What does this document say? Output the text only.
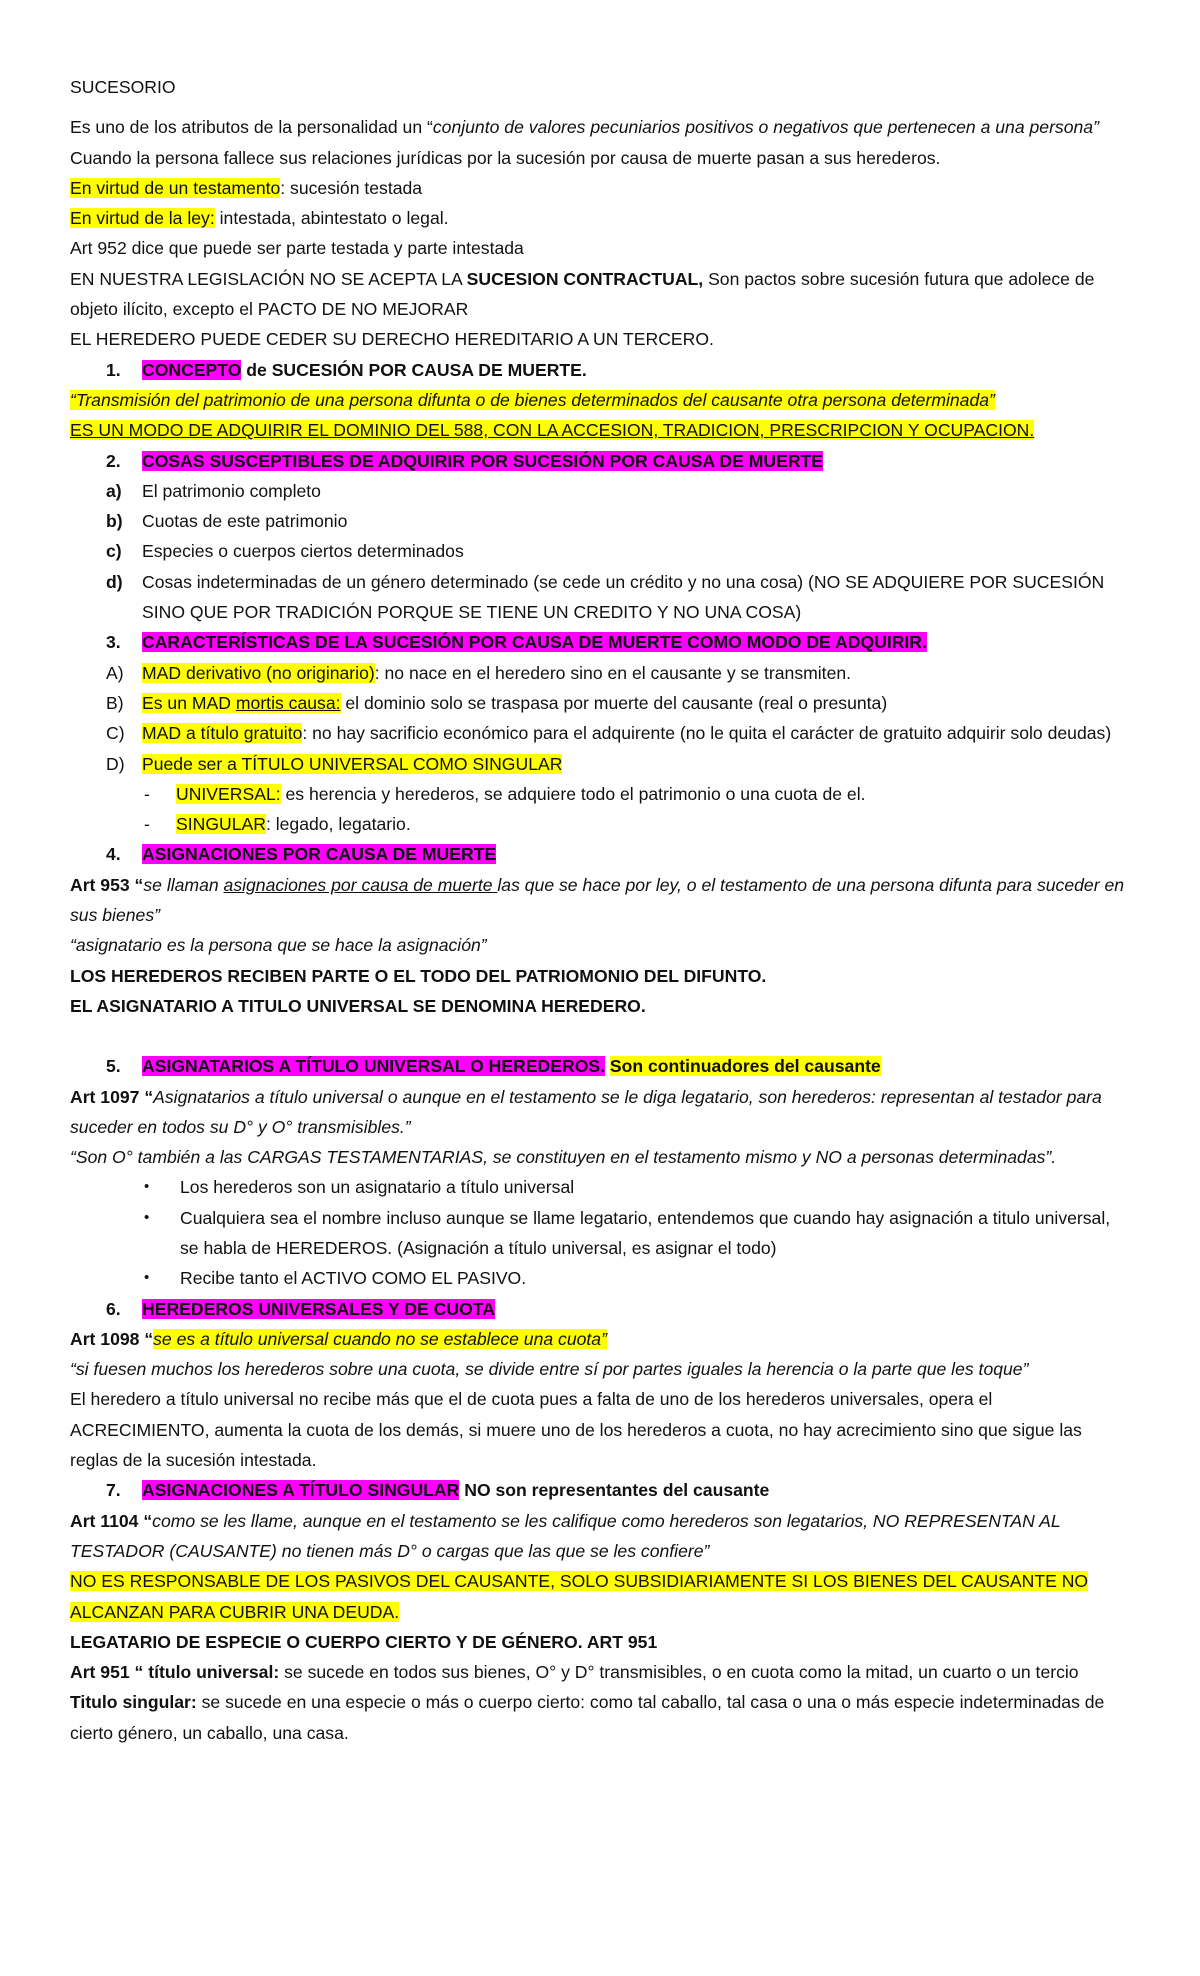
SUCESORIO
Es uno de los atributos de la personalidad un “conjunto de valores pecuniarios positivos o negativos que pertenecen a una persona”
Cuando la persona fallece sus relaciones jurídicas por la sucesión por causa de muerte pasan a sus herederos.
En virtud de un testamento: sucesión testada
En virtud de la ley: intestada, abintestato o legal.
Art 952 dice que puede ser parte testada y parte intestada
EN NUESTRA LEGISLACIÓN NO SE ACEPTA LA SUCESION CONTRACTUAL, Son pactos sobre sucesión futura que adolece de objeto ilícito, excepto el PACTO DE NO MEJORAR
EL HEREDERO PUEDE CEDER SU DERECHO HEREDITARIO A UN TERCERO.
1.	CONCEPTO de SUCESIÓN POR CAUSA DE MUERTE.
“Transmisión del patrimonio de una persona difunta o de bienes determinados del causante otra persona determinada”
ES UN MODO DE ADQUIRIR EL DOMINIO DEL 588, CON LA ACCESION, TRADICION, PRESCRIPCION Y OCUPACION.
2.	COSAS SUSCEPTIBLES DE ADQUIRIR POR SUCESIÓN POR CAUSA DE MUERTE
a)	El patrimonio completo
b)	Cuotas de este patrimonio
c)	Especies o cuerpos ciertos determinados
d)	Cosas indeterminadas de un género determinado (se cede un crédito y no una cosa) (NO SE ADQUIERE POR SUCESIÓN SINO QUE POR TRADICIÓN PORQUE SE TIENE UN CREDITO Y NO UNA COSA)
3.	CARACTERÍSTICAS DE LA SUCESIÓN POR CAUSA DE MUERTE COMO MODO DE ADQUIRIR.
A)	MAD derivativo (no originario): no nace en el heredero sino en el causante y se transmiten.
B)	Es un MAD mortis causa: el dominio solo se traspasa por muerte del causante (real o presunta)
C) MAD a título gratuito: no hay sacrificio económico para el adquirente (no le quita el carácter de gratuito adquirir solo deudas)
D) Puede ser a TÍTULO UNIVERSAL COMO SINGULAR
-	UNIVERSAL: es herencia y herederos, se adquiere todo el patrimonio o una cuota de el.
-	SINGULAR: legado, legatario.
4.	ASIGNACIONES POR CAUSA DE MUERTE
Art 953 “se llaman asignaciones por causa de muerte las que se hace por ley, o el testamento de una persona difunta para suceder en sus bienes”
“asignatario es la persona que se hace la asignación”
LOS HEREDEROS RECIBEN PARTE O EL TODO DEL PATRIOMONIO DEL DIFUNTO.
EL ASIGNATARIO A TITULO UNIVERSAL SE DENOMINA HEREDERO.
5.	ASIGNATARIOS A TÍTULO UNIVERSAL O HEREDEROS. Son continuadores del causante
Art 1097 “Asignatarios a título universal o aunque en el testamento se le diga legatario, son herederos: representan al testador para suceder en todos su D° y O° transmisibles.”
“Son O° también a las CARGAS TESTAMENTARIAS, se constituyen en el testamento mismo y NO a personas determinadas”.
•	Los herederos son un asignatario a título universal
•	Cualquiera sea el nombre incluso aunque se llame legatario, entendemos que cuando hay asignación a titulo universal, se habla de HEREDEROS. (Asignación a título universal, es asignar el todo)
•	Recibe tanto el ACTIVO COMO EL PASIVO.
6.	HEREDEROS UNIVERSALES Y DE CUOTA
Art 1098 “se es a título universal cuando no se establece una cuota”
“si fuesen muchos los herederos sobre una cuota, se divide entre sí por partes iguales la herencia o la parte que les toque”
El heredero a título universal no recibe más que el de cuota pues a falta de uno de los herederos universales, opera el ACRECIMIENTO, aumenta la cuota de los demás, si muere uno de los herederos a cuota, no hay acrecimiento sino que sigue las reglas de la sucesión intestada.
7.	ASIGNACIONES A TÍTULO SINGULAR NO son representantes del causante
Art 1104 “como se les llame, aunque en el testamento se les califique como herederos son legatarios, NO REPRESENTAN AL TESTADOR (CAUSANTE) no tienen más D° o cargas que las que se les confiere”
NO ES RESPONSABLE DE LOS PASIVOS DEL CAUSANTE, SOLO SUBSIDIARIAMENTE SI LOS BIENES DEL CAUSANTE NO ALCANZAN PARA CUBRIR UNA DEUDA.
LEGATARIO DE ESPECIE O CUERPO CIERTO Y DE GÉNERO. ART 951
Art 951 “ título universal: se sucede en todos sus bienes, O° y D° transmisibles, o en cuota como la mitad, un cuarto o un tercio
Titulo singular: se sucede en una especie o más o cuerpo cierto: como tal caballo, tal casa o una o más especie indeterminadas de cierto género, un caballo, una casa.
